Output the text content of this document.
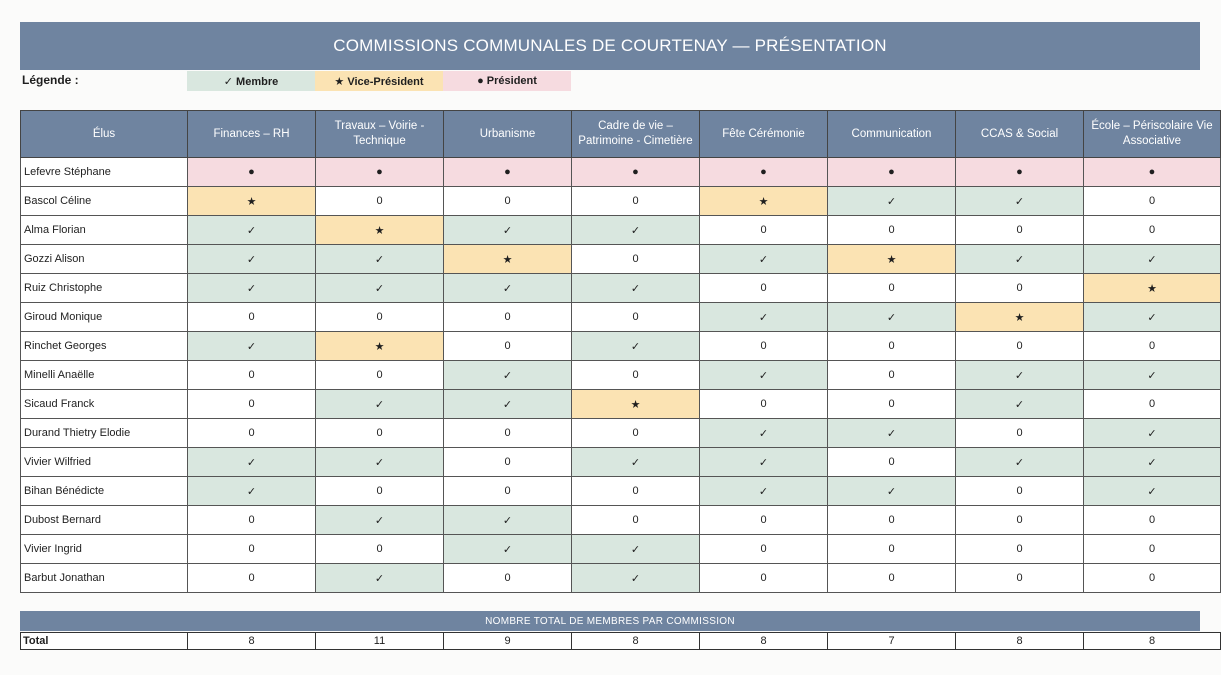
COMMISSIONS COMMUNALES DE COURTENAY — PRÉSENTATION
Légende :	✓ Membre	★ Vice-Président	● Président
Élus	Finances – RH	Travaux – Voirie - Technique	Urbanisme	Cadre de vie – Patrimoine - Cimetière	Fête Cérémonie	Communication	CCAS & Social	École – Périscolaire Vie Associative
Lefevre Stéphane	●	●	●	●	●	●	●	●
Bascol Céline	★	0	0	0	★	✓	✓	0
Alma Florian	✓	★	✓	✓	0	0	0	0
Gozzi Alison	✓	✓	★	0	✓	★	✓	✓
Ruiz Christophe	✓	✓	✓	✓	0	0	0	★
Giroud Monique	0	0	0	0	✓	✓	★	✓
Rinchet Georges	✓	★	0	✓	0	0	0	0
Minelli Anaëlle	0	0	✓	0	✓	0	✓	✓
Sicaud Franck	0	✓	✓	★	0	0	✓	0
Durand Thietry Elodie	0	0	0	0	✓	✓	0	✓
Vivier Wilfried	✓	✓	0	✓	✓	0	✓	✓
Bihan Bénédicte	✓	0	0	0	✓	✓	0	✓
Dubost Bernard	0	✓	✓	0	0	0	0	0
Vivier Ingrid	0	0	✓	✓	0	0	0	0
Barbut Jonathan	0	✓	0	✓	0	0	0	0
NOMBRE TOTAL DE MEMBRES PAR COMMISSION
Total	8	11	9	8	8	7	8	8
